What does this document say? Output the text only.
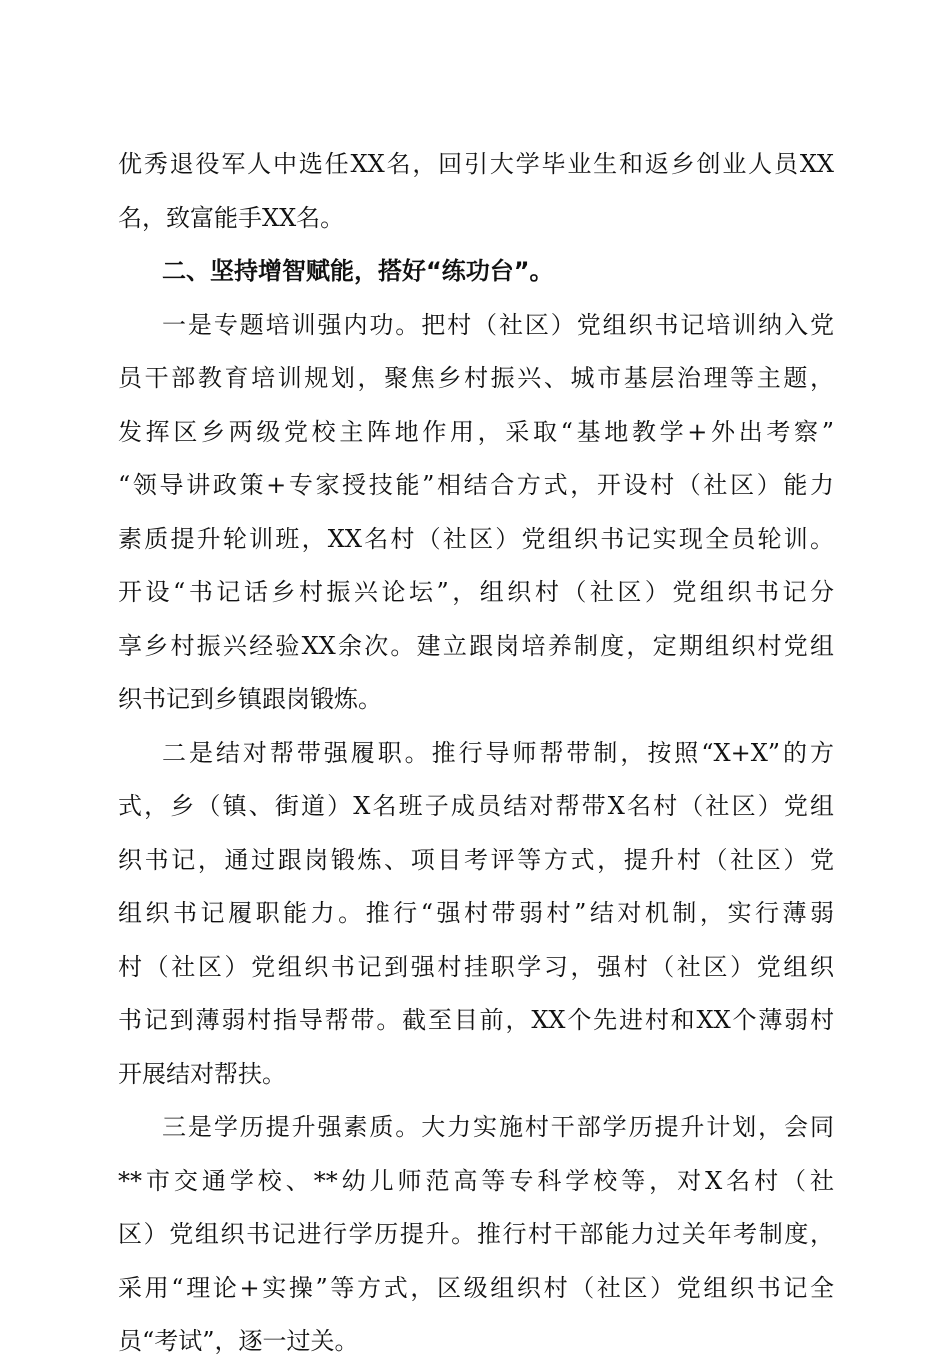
优秀退役军人中选任XX名，回引大学毕业生和返乡创业人员XX
名，致富能手XX名。
二、坚持增智赋能，搭好“练功台”。
一是专题培训强内功。把村（社区）党组织书记培训纳入党
员干部教育培训规划，聚焦乡村振兴、城市基层治理等主题，
发挥区乡两级党校主阵地作用，采取“基地教学+外出考察”
“领导讲政策+专家授技能”相结合方式，开设村（社区）能力
素质提升轮训班，XX名村（社区）党组织书记实现全员轮训。
开设“书记话乡村振兴论坛”，组织村（社区）党组织书记分
享乡村振兴经验XX余次。建立跟岗培养制度，定期组织村党组
织书记到乡镇跟岗锻炼。
二是结对帮带强履职。推行导师帮带制，按照“X+X”的方
式，乡（镇、街道）X名班子成员结对帮带X名村（社区）党组
织书记，通过跟岗锻炼、项目考评等方式，提升村（社区）党
组织书记履职能力。推行“强村带弱村”结对机制，实行薄弱
村（社区）党组织书记到强村挂职学习，强村（社区）党组织
书记到薄弱村指导帮带。截至目前，XX个先进村和XX个薄弱村
开展结对帮扶。
三是学历提升强素质。大力实施村干部学历提升计划，会同
**市交通学校、**幼儿师范高等专科学校等，对X名村（社
区）党组织书记进行学历提升。推行村干部能力过关年考制度，
采用“理论+实操”等方式，区级组织村（社区）党组织书记全
员“考试”，逐一过关。
